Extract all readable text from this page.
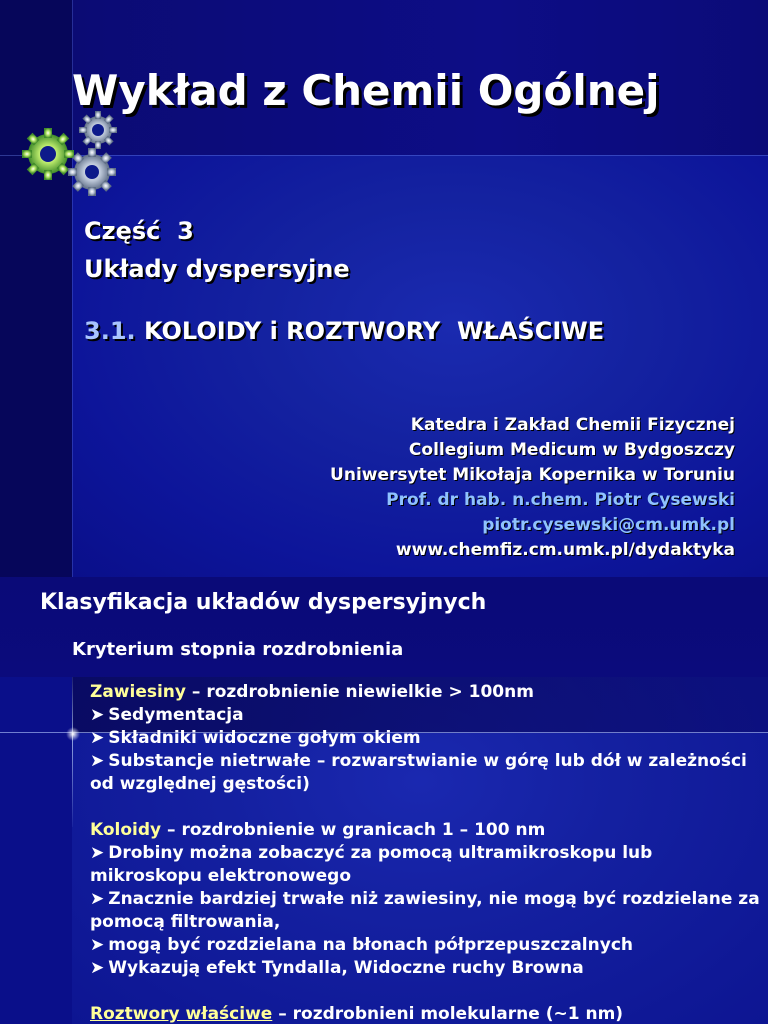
Wykład z Chemii Ogólnej
Część  3
Układy dyspersyjne
3.1. KOLOIDY i ROZTWORY  WŁAŚCIWE
Katedra i Zakład Chemii Fizycznej
Collegium Medicum w Bydgoszczy
Uniwersytet Mikołaja Kopernika w Toruniu
Prof. dr hab. n.chem. Piotr Cysewski
piotr.cysewski@cm.umk.pl
www.chemfiz.cm.umk.pl/dydaktyka
Klasyfikacja układów dyspersyjnych
Kryterium stopnia rozdrobnienia
Zawiesiny – rozdrobnienie niewielkie > 100nm
➤ Sedymentacja
➤ Składniki widoczne gołym okiem
➤ Substancje nietrwałe – rozwarstwianie w górę lub dół w zależności od względnej gęstości)
Koloidy – rozdrobnienie w granicach 1 – 100 nm
➤ Drobiny można zobaczyć za pomocą ultramikroskopu lub mikroskopu elektronowego
➤ Znacznie bardziej trwałe niż zawiesiny, nie mogą być rozdzielane za pomocą filtrowania,
➤ mogą być rozdzielana na błonach półprzepuszczalnych
➤ Wykazują efekt Tyndalla, Widoczne ruchy Browna
Roztwory właściwe – rozdrobnieni molekularne (~1 nm)
